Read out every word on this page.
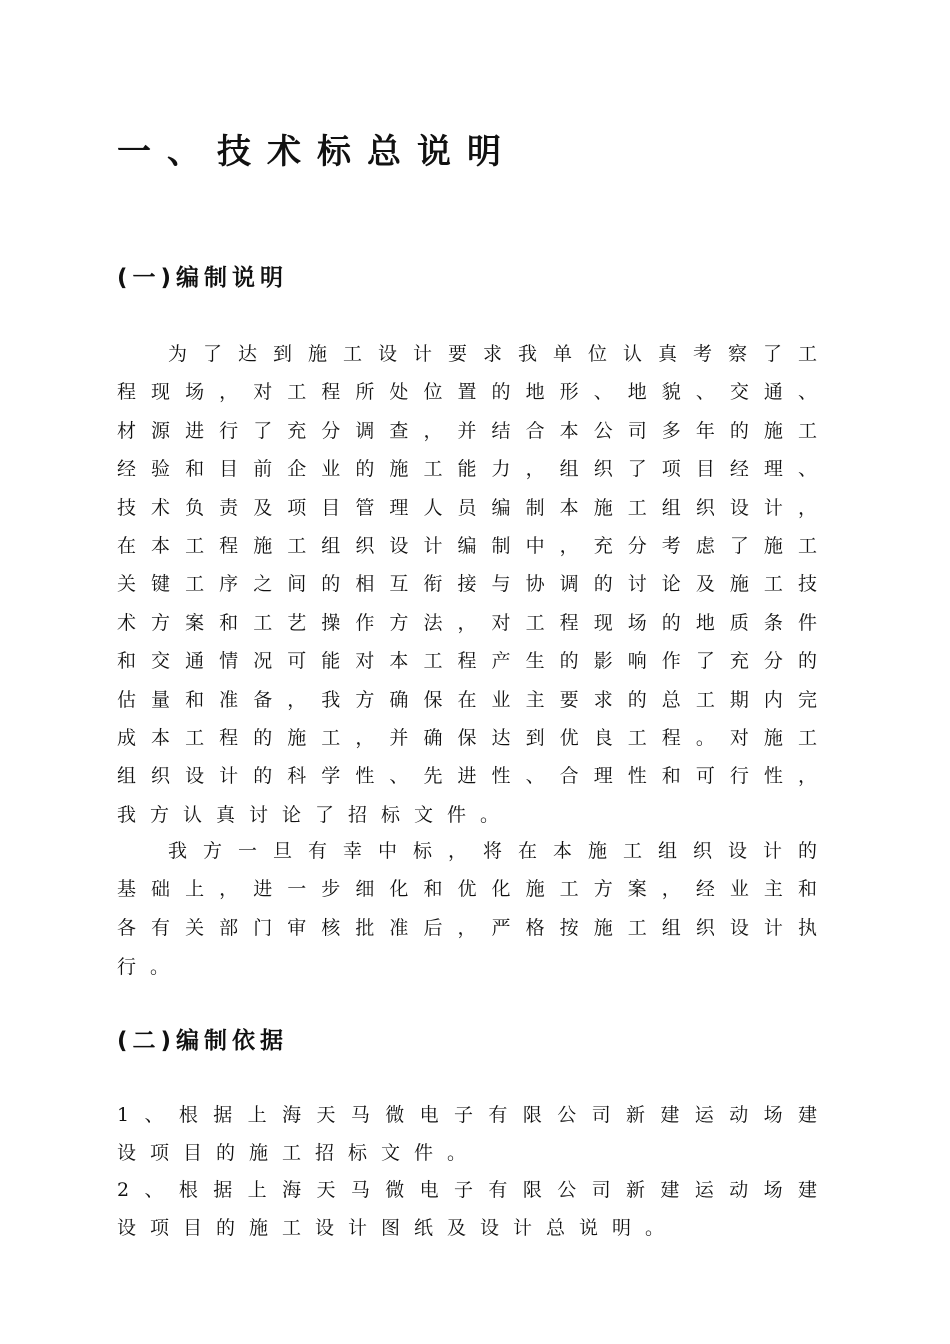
一、技术标总说明
(一)编制说明

为了达到施工设计要求我单位认真考察了工

程现场，对工程所处位置的地形、地貌、交通、

材源进行了充分调查，并结合本公司多年的施工

经验和目前企业的施工能力，组织了项目经理、

技术负责及项目管理人员编制本施工组织设计，

在本工程施工组织设计编制中，充分考虑了施工

关键工序之间的相互衔接与协调的讨论及施工技

术方案和工艺操作方法，对工程现场的地质条件

和交通情况可能对本工程产生的影响作了充分的

估量和准备，我方确保在业主要求的总工期内完

成本工程的施工，并确保达到优良工程。对施工

组织设计的科学性、先进性、合理性和可行性，

我方认真讨论了招标文件。

我方一旦有幸中标，将在本施工组织设计的

基础上，进一步细化和优化施工方案，经业主和

各有关部门审核批准后，严格按施工组织设计执

行。

(二)编制依据

1、根据上海天马微电子有限公司新建运动场建

设项目的施工招标文件。

2、根据上海天马微电子有限公司新建运动场建

设项目的施工设计图纸及设计总说明。
